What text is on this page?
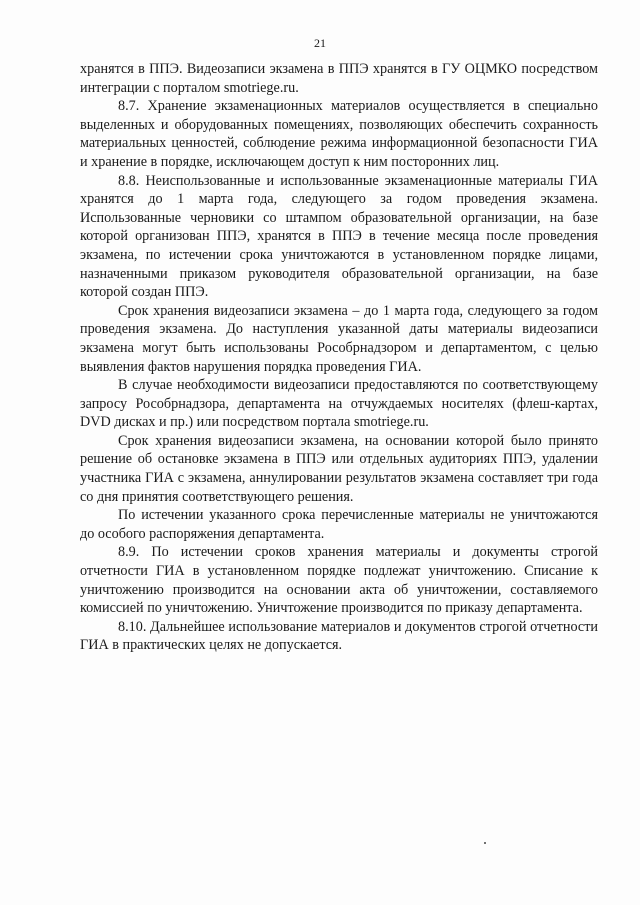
21

хранятся в ППЭ. Видеозаписи экзамена в ППЭ хранятся в ГУ ОЦМКО посредством интеграции с порталом smotriege.ru.

8.7. Хранение экзаменационных материалов осуществляется в специально выделенных и оборудованных помещениях, позволяющих обеспечить сохранность материальных ценностей, соблюдение режима информационной безопасности ГИА и хранение в порядке, исключающем доступ к ним посторонних лиц.

8.8. Неиспользованные и использованные экзаменационные материалы ГИА хранятся до 1 марта года, следующего за годом проведения экзамена. Использованные черновики со штампом образовательной организации, на базе которой организован ППЭ, хранятся в ППЭ в течение месяца после проведения экзамена, по истечении срока уничтожаются в установленном порядке лицами, назначенными приказом руководителя образовательной организации, на базе которой создан ППЭ.

Срок хранения видеозаписи экзамена – до 1 марта года, следующего за годом проведения экзамена. До наступления указанной даты материалы видеозаписи экзамена могут быть использованы Рособрнадзором и департаментом, с целью выявления фактов нарушения порядка проведения ГИА.

В случае необходимости видеозаписи предоставляются по соответствующему запросу Рособрнадзора, департамента на отчуждаемых носителях (флеш-картах, DVD дисках и пр.) или посредством портала smotriege.ru.

Срок хранения видеозаписи экзамена, на основании которой было принято решение об остановке экзамена в ППЭ или отдельных аудиториях ППЭ, удалении участника ГИА с экзамена, аннулировании результатов экзамена составляет три года со дня принятия соответствующего решения.

По истечении указанного срока перечисленные материалы не уничтожаются до особого распоряжения департамента.

8.9. По истечении сроков хранения материалы и документы строгой отчетности ГИА в установленном порядке подлежат уничтожению. Списание к уничтожению производится на основании акта об уничтожении, составляемого комиссией по уничтожению. Уничтожение производится по приказу департамента.

8.10. Дальнейшее использование материалов и документов строгой отчетности ГИА в практических целях не допускается.
